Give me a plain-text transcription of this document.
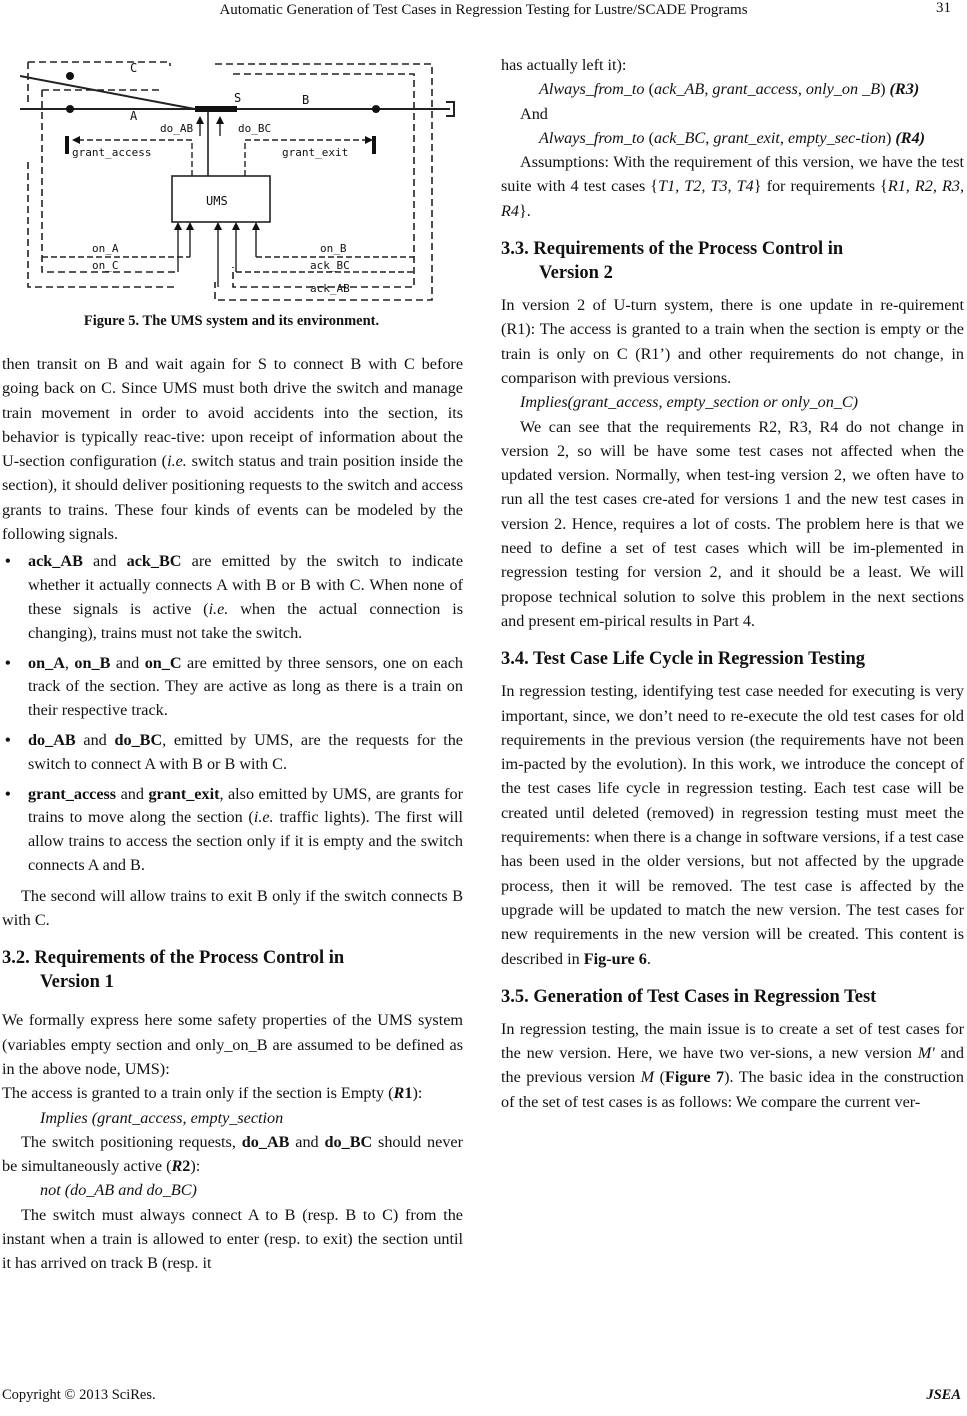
Automatic Generation of Test Cases in Regression Testing for Lustre/SCADE Programs	31
C
A
S	B
do_AB	do_BC
grant_access	grant_exit
UMS
on_A
on_C
on_B
ack_BC
ack_AB
Figure 5. The UMS system and its environment.

then transit on B and wait again for S to connect B with C before going back on C. Since UMS must both drive the switch and manage train movement in order to avoid accidents into the section, its behavior is typically reac-tive: upon receipt of information about the U-section configuration (i.e. switch status and train position inside the section), it should deliver positioning requests to the switch and access grants to trains. These four kinds of events can be modeled by the following signals.

• ack_AB and ack_BC are emitted by the switch to indicate whether it actually connects A with B or B with C. When none of these signals is active (i.e. when the actual connection is changing), trains must not take the switch.
• on_A, on_B and on_C are emitted by three sensors, one on each track of the section. They are active as long as there is a train on their respective track.
• do_AB and do_BC, emitted by UMS, are the requests for the switch to connect A with B or B with C.
• grant_access and grant_exit, also emitted by UMS, are grants for trains to move along the section (i.e. traffic lights). The first will allow trains to access the section only if it is empty and the switch connects A and B.

The second will allow trains to exit B only if the switch connects B with C.

3.2. Requirements of the Process Control in
Version 1

We formally express here some safety properties of the UMS system (variables empty section and only_on_B are assumed to be defined as in the above node, UMS):

The access is granted to a train only if the section is Empty (R1):

Implies (grant_access, empty_section

The switch positioning requests, do_AB and do_BC should never be simultaneously active (R2):

not (do_AB and do_BC)

The switch must always connect A to B (resp. B to C) from the instant when a train is allowed to enter (resp. to exit) the section until it has arrived on track B (resp. it

has actually left it):

Always_from_to (ack_AB, grant_access, only_on _B) (R3)

And

Always_from_to (ack_BC, grant_exit, empty_sec-tion) (R4)

Assumptions: With the requirement of this version, we have the test suite with 4 test cases {T1, T2, T3, T4} for requirements {R1, R2, R3, R4}.

3.3. Requirements of the Process Control in
Version 2

In version 2 of U-turn system, there is one update in re-quirement (R1): The access is granted to a train when the section is empty or the train is only on C (R1’) and other requirements do not change, in comparison with previous versions.

Implies(grant_access, empty_section or only_on_C)

We can see that the requirements R2, R3, R4 do not change in version 2, so will be have some test cases not affected when the updated version. Normally, when test-ing version 2, we often have to run all the test cases cre-ated for versions 1 and the new test cases in version 2. Hence, requires a lot of costs. The problem here is that we need to define a set of test cases which will be im-plemented in regression testing for version 2, and it should be a least. We will propose technical solution to solve this problem in the next sections and present em-pirical results in Part 4.

3.4. Test Case Life Cycle in Regression Testing

In regression testing, identifying test case needed for executing is very important, since, we don’t need to re-execute the old test cases for old requirements in the previous version (the requirements have not been im-pacted by the evolution). In this work, we introduce the concept of the test cases life cycle in regression testing. Each test case will be created until deleted (removed) in regression testing must meet the requirements: when there is a change in software versions, if a test case has been used in the older versions, but not affected by the upgrade process, then it will be removed. The test case is affected by the upgrade will be updated to match the new version. The test cases for new requirements in the new version will be created. This content is described in Fig-ure 6.

3.5. Generation of Test Cases in Regression Test

In regression testing, the main issue is to create a set of test cases for the new version. Here, we have two ver-sions, a new version M' and the previous version M (Figure 7). The basic idea in the construction of the set of test cases is as follows: We compare the current ver-

Copyright © 2013 SciRes.	JSEA
